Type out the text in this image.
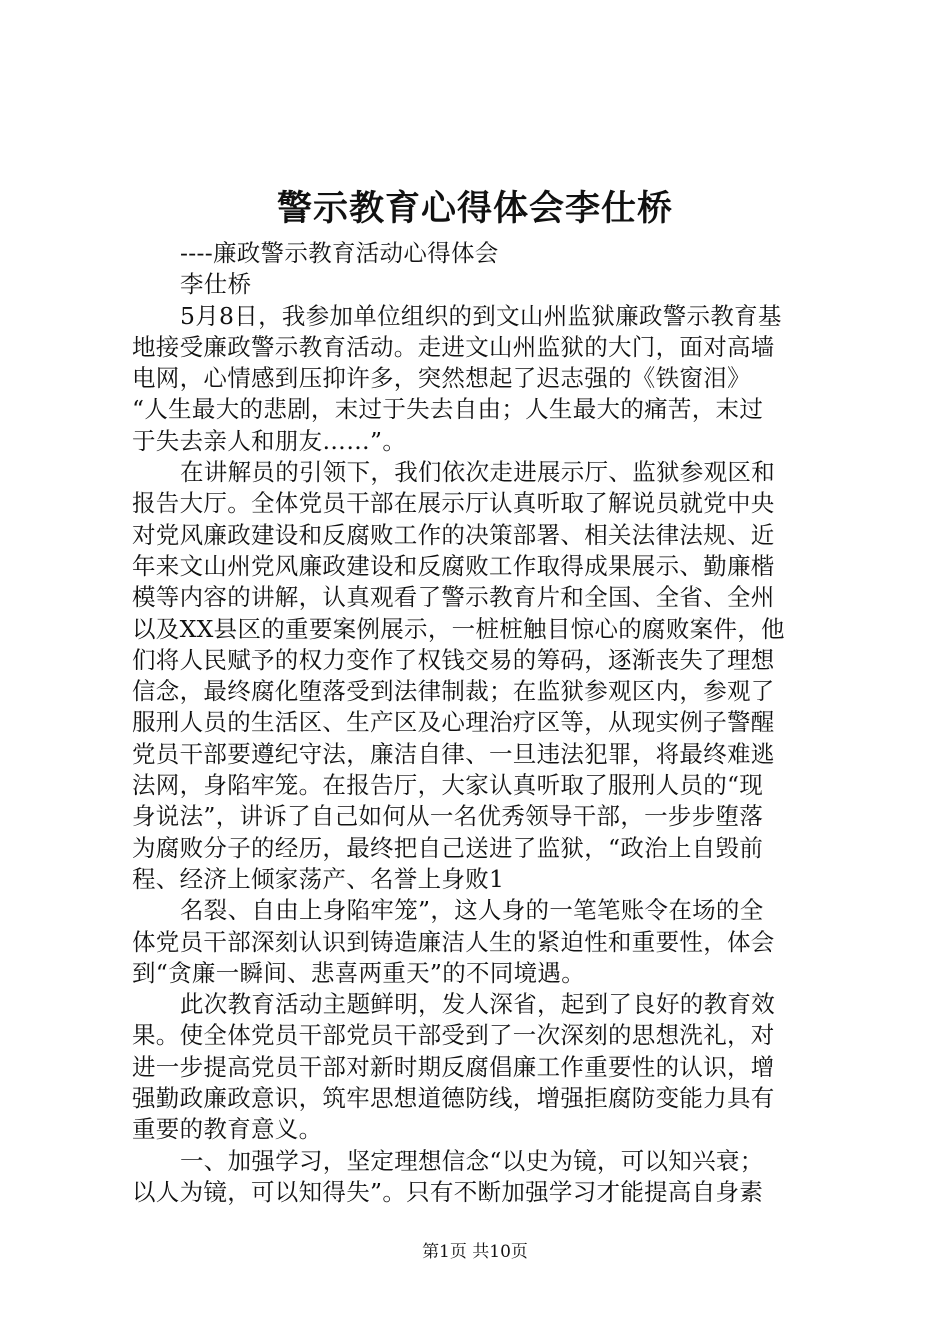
警示教育心得体会李仕桥
----廉政警示教育活动心得体会
李仕桥
5月8日，我参加单位组织的到文山州监狱廉政警示教育基
地接受廉政警示教育活动。走进文山州监狱的大门，面对高墙
电网，心情感到压抑许多，突然想起了迟志强的《铁窗泪》
“人生最大的悲剧，末过于失去自由；人生最大的痛苦，末过
于失去亲人和朋友……”。
在讲解员的引领下，我们依次走进展示厅、监狱参观区和
报告大厅。全体党员干部在展示厅认真听取了解说员就党中央
对党风廉政建设和反腐败工作的决策部署、相关法律法规、近
年来文山州党风廉政建设和反腐败工作取得成果展示、勤廉楷
模等内容的讲解，认真观看了警示教育片和全国、全省、全州
以及XX县区的重要案例展示，一桩桩触目惊心的腐败案件，他
们将人民赋予的权力变作了权钱交易的筹码，逐渐丧失了理想
信念，最终腐化堕落受到法律制裁；在监狱参观区内，参观了
服刑人员的生活区、生产区及心理治疗区等，从现实例子警醒
党员干部要遵纪守法，廉洁自律、一旦违法犯罪，将最终难逃
法网，身陷牢笼。在报告厅，大家认真听取了服刑人员的“现
身说法”，讲诉了自己如何从一名优秀领导干部，一步步堕落
为腐败分子的经历，最终把自己送进了监狱，“政治上自毁前
程、经济上倾家荡产、名誉上身败1
名裂、自由上身陷牢笼”，这人身的一笔笔账令在场的全
体党员干部深刻认识到铸造廉洁人生的紧迫性和重要性，体会
到“贪廉一瞬间、悲喜两重天”的不同境遇。
此次教育活动主题鲜明，发人深省，起到了良好的教育效
果。使全体党员干部党员干部受到了一次深刻的思想洗礼，对
进一步提高党员干部对新时期反腐倡廉工作重要性的认识，增
强勤政廉政意识，筑牢思想道德防线，增强拒腐防变能力具有
重要的教育意义。
一、加强学习，坚定理想信念“以史为镜，可以知兴衰；
以人为镜，可以知得失”。只有不断加强学习才能提高自身素
第1页 共10页
